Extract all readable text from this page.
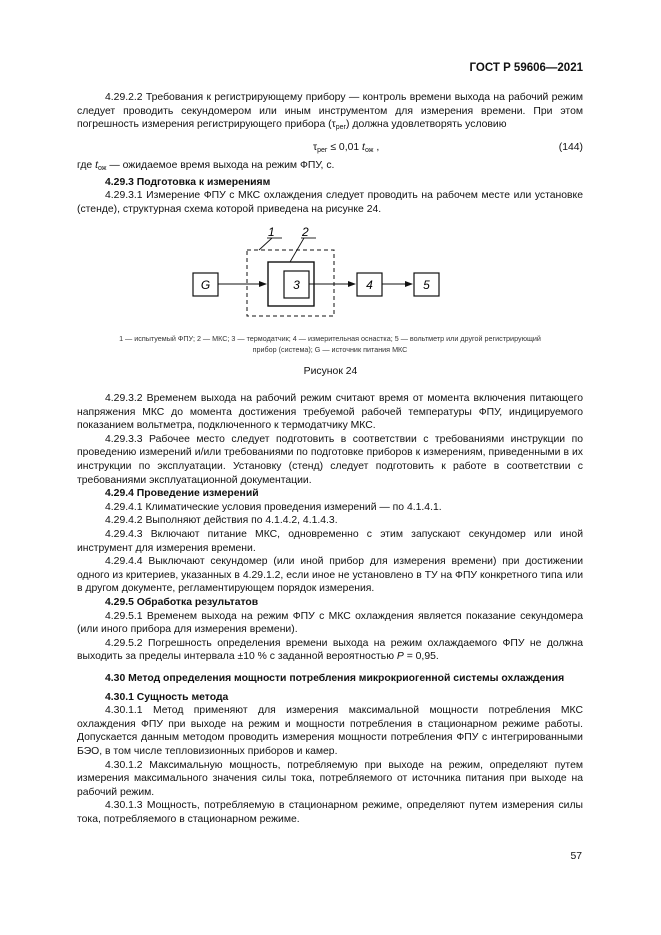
ГОСТ Р 59606—2021

4.29.2.2 Требования к регистрирующему прибору — контроль времени выхода на рабочий режим следует проводить секундомером или иным инструментом для измерения времени. При этом погрешность измерения регистрирующего прибора $(\tau_{рег})$ должна удовлетворять условию

$\tau_{рег} \le 0,01$ $t_{ож}$ ,	(144)

где $t_{ож}$ — ожидаемое время выхода на режим ФПУ, с.

4.29.3 Подготовка к измерениям

4.29.3.1 Измерение ФПУ с МКС охлаждения следует проводить на рабочем месте или установке (стенде), структурная схема которой приведена на рисунке 24.

1 2
G	3	4	5
1 — испытуемый ФПУ; 2 — МКС; 3 — термодатчик; 4 — измерительная оснастка; 5 — вольтметр или другой регистрирующий
прибор (система); G — источник питания МКС
Рисунок 24

4.29.3.2 Временем выхода на рабочий режим считают время от момента включения питающего напряжения МКС до момента достижения требуемой рабочей температуры ФПУ, индицируемого показанием вольтметра, подключенного к термодатчику МКС.

4.29.3.3 Рабочее место следует подготовить в соответствии с требованиями инструкции по проведению измерений и/или требованиями по подготовке приборов к измерениям, приведенными в их инструкции по эксплуатации. Установку (стенд) следует подготовить к работе в соответствии с требованиями эксплуатационной документации.

4.29.4 Проведение измерений

4.29.4.1 Климатические условия проведения измерений — по 4.1.4.1.

4.29.4.2 Выполняют действия по 4.1.4.2, 4.1.4.3.

4.29.4.3 Включают питание МКС, одновременно с этим запускают секундомер или иной инструмент для измерения времени.

4.29.4.4 Выключают секундомер (или иной прибор для измерения времени) при достижении одного из критериев, указанных в 4.29.1.2, если иное не установлено в ТУ на ФПУ конкретного типа или в другом документе, регламентирующем порядок измерения.

4.29.5 Обработка результатов

4.29.5.1 Временем выхода на режим ФПУ с МКС охлаждения является показание секундомера (или иного прибора для измерения времени).

4.29.5.2 Погрешность определения времени выхода на режим охлаждаемого ФПУ не должна выходить за пределы интервала ±10 % с заданной вероятностью P = 0,95.

4.30 Метод определения мощности потребления микрокриогенной системы охлаждения

4.30.1 Сущность метода

4.30.1.1 Метод применяют для измерения максимальной мощности потребления МКС охлаждения ФПУ при выходе на режим и мощности потребления в стационарном режиме работы. Допускается данным методом проводить измерения мощности потребления ФПУ с интегрированными БЭО, в том числе тепловизионных приборов и камер.

4.30.1.2 Максимальную мощность, потребляемую при выходе на режим, определяют путем измерения максимального значения силы тока, потребляемого от источника питания при выходе на рабочий режим.

4.30.1.3 Мощность, потребляемую в стационарном режиме, определяют путем измерения силы тока, потребляемого в стационарном режиме.

57
